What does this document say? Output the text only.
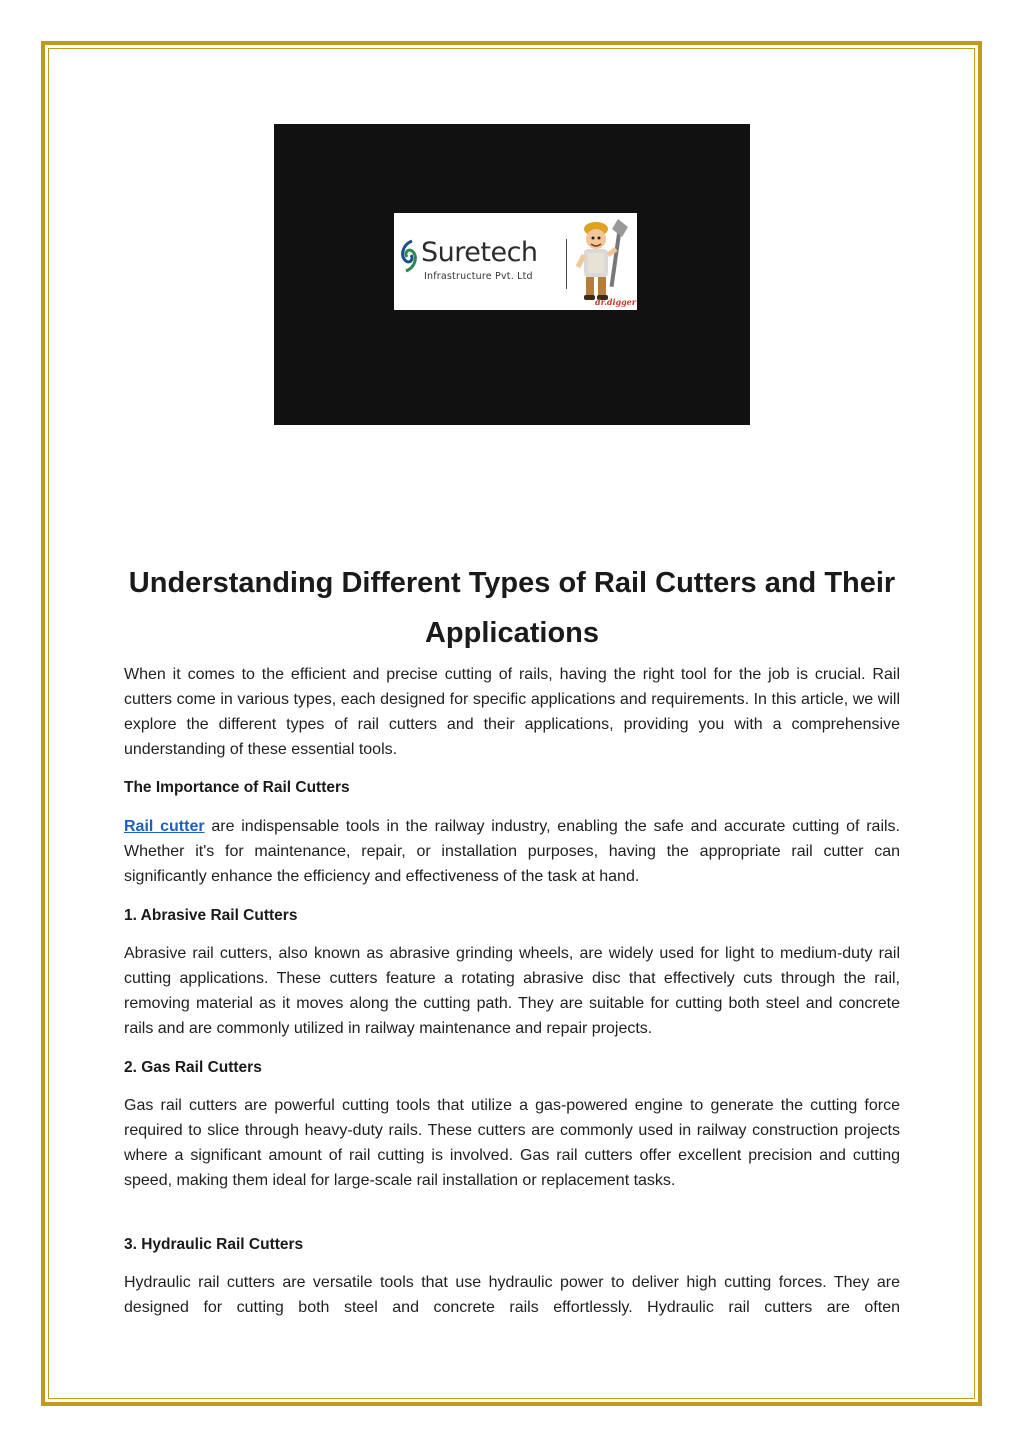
Suretech
Infrastructure Pvt. Ltd
dr.digger
Understanding Different Types of Rail Cutters and Their Applications

When it comes to the efficient and precise cutting of rails, having the right tool for the job is crucial. Rail cutters come in various types, each designed for specific applications and requirements. In this article, we will explore the different types of rail cutters and their applications, providing you with a comprehensive understanding of these essential tools.

The Importance of Rail Cutters

Rail cutter are indispensable tools in the railway industry, enabling the safe and accurate cutting of rails. Whether it's for maintenance, repair, or installation purposes, having the appropriate rail cutter can significantly enhance the efficiency and effectiveness of the task at hand.

1. Abrasive Rail Cutters

Abrasive rail cutters, also known as abrasive grinding wheels, are widely used for light to medium-duty rail cutting applications. These cutters feature a rotating abrasive disc that effectively cuts through the rail, removing material as it moves along the cutting path. They are suitable for cutting both steel and concrete rails and are commonly utilized in railway maintenance and repair projects.

2. Gas Rail Cutters

Gas rail cutters are powerful cutting tools that utilize a gas-powered engine to generate the cutting force required to slice through heavy-duty rails. These cutters are commonly used in railway construction projects where a significant amount of rail cutting is involved. Gas rail cutters offer excellent precision and cutting speed, making them ideal for large-scale rail installation or replacement tasks.

3. Hydraulic Rail Cutters

Hydraulic rail cutters are versatile tools that use hydraulic power to deliver high cutting forces. They are designed for cutting both steel and concrete rails effortlessly. Hydraulic rail cutters are often
